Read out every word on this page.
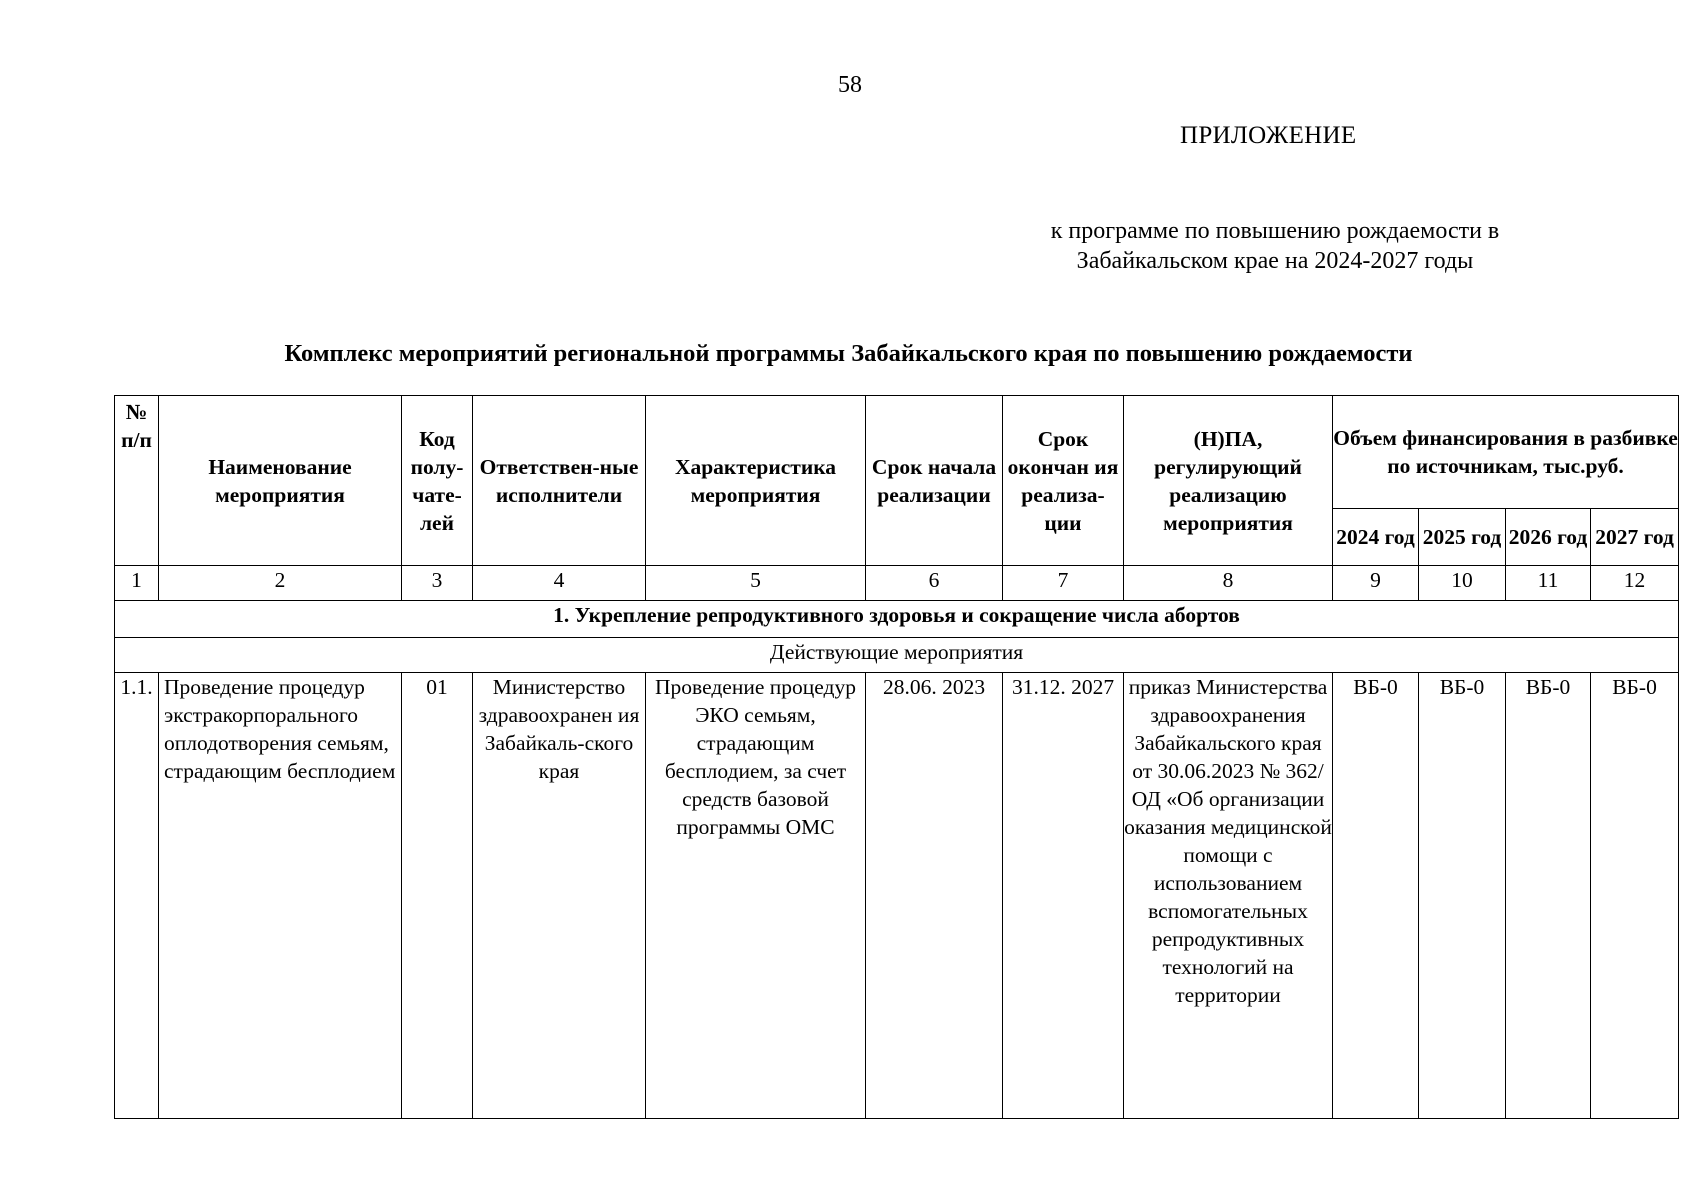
58
ПРИЛОЖЕНИЕ
к программе по повышению рождаемости в Забайкальском крае на 2024-2027 годы
Комплекс мероприятий региональной программы Забайкальского края по повышению рождаемости
№ п/п	Наименование мероприятия	Код полу-чате-лей	Ответствен-ные исполнители	Характеристика мероприятия	Срок начала реализации	Срок окончан ия реализа-ции	(Н)ПА, регулирующий реализацию мероприятия	Объем финансирования в разбивке по источникам, тыс.руб.			
								2024 год	2025 год	2026 год	2027 год
1	2	3	4	5	6	7	8	9	10	11	12
1. Укрепление репродуктивного здоровья и сокращение числа абортов											
Действующие мероприятия											
1.1.	Проведение процедур экстракорпорального оплодотворения семьям, страдающим бесплодием	01	Министерство здравоохранен ия Забайкаль-ского края	Проведение процедур ЭКО семьям, страдающим бесплодием, за счет средств базовой программы ОМС	28.06. 2023	31.12. 2027	приказ Министерства здравоохранения Забайкальского края от 30.06.2023 № 362/ОД «Об организации оказания медицинской помощи с использованием вспомогательных репродуктивных технологий на территории	ВБ-0	ВБ-0	ВБ-0	ВБ-0
